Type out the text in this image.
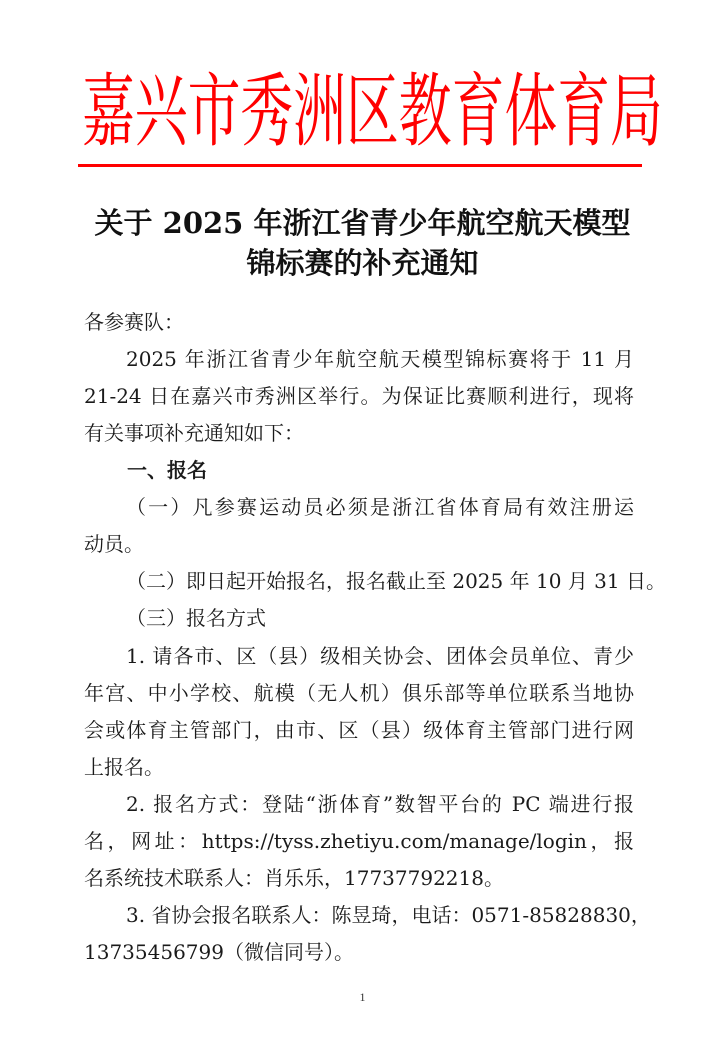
嘉兴市秀洲区教育体育局
关于 2025 年浙江省青少年航空航天模型
锦标赛的补充通知
各参赛队：
2025 年浙江省青少年航空航天模型锦标赛将于 11 月
21-24 日在嘉兴市秀洲区举行。为保证比赛顺利进行，现将
有关事项补充通知如下：
一、报名
（一）凡参赛运动员必须是浙江省体育局有效注册运
动员。
（二）即日起开始报名，报名截止至 2025 年 10 月 31 日。
（三）报名方式
1. 请各市、区（县）级相关协会、团体会员单位、青少
年宫、中小学校、航模（无人机）俱乐部等单位联系当地协
会或体育主管部门，由市、区（县）级体育主管部门进行网
上报名。
2. 报名方式：登陆“浙体育”数智平台的 PC 端进行报
名，网址：https://tyss.zhetiyu.com/manage/login，报
名系统技术联系人：肖乐乐，17737792218。
3. 省协会报名联系人：陈昱琦，电话：0571-85828830，
13735456799（微信同号）。
1
